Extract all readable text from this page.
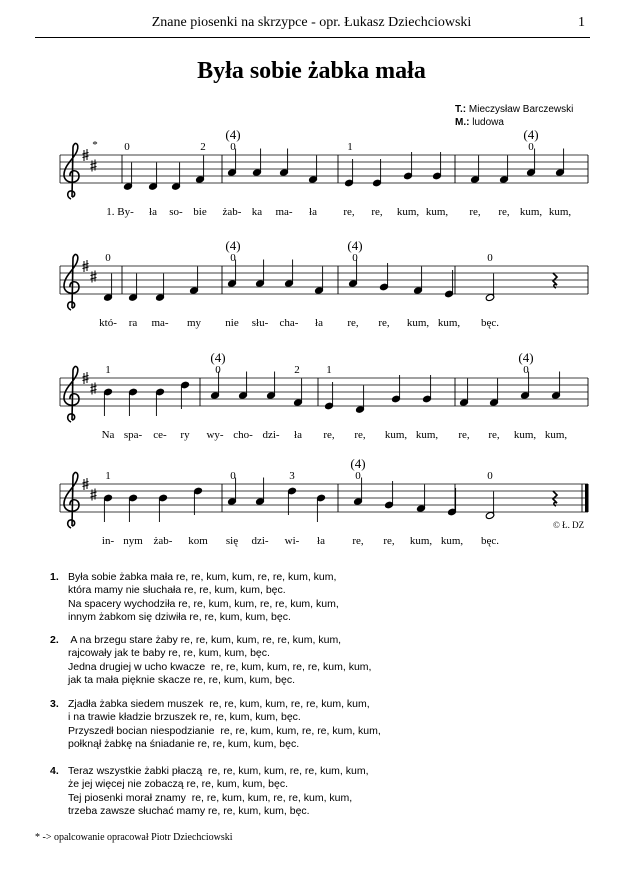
Znane piosenki na skrzypce - opr. Łukasz Dziechciowski	1
Była sobie żabka mała
T.: Mieczysław Barczewski
M.: ludowa
* 0	2
(4)
0	1
(4)
0
1. By- ła so- bie żab- ka ma- ła re, re, kum, kum, re, re, kum, kum,
0
(4)
0
(4)
0	0
któ- ra ma- my nie słu- cha- ła re, re, kum, kum, bęc.
1
(4)
0	2 1
(4)
0
Na spa- ce- ry wy- cho- dzi- ła re, re, kum, kum, re, re, kum, kum,
1	0	3
(4)
0	0
in- nym żab- kom się dzi- wi- ła re, re, kum, kum, bęc.
© Ł. DZ
1. Była sobie żabka mała re, re, kum, kum, re, re, kum, kum,
która mamy nie słuchała re, re, kum, kum, bęc.
Na spacery wychodziła re, re, kum, kum, re, re, kum, kum,
innym żabkom się dziwiła re, re, kum, kum, bęc.
2. A na brzegu stare żaby re, re, kum, kum, re, re, kum, kum,
rajcowały jak te baby re, re, kum, kum, bęc.
Jedna drugiej w ucho kwacze  re, re, kum, kum, re, re, kum, kum,
jak ta mała pięknie skacze re, re, kum, kum, bęc.
3. Zjadła żabka siedem muszek  re, re, kum, kum, re, re, kum, kum,
i na trawie kładzie brzuszek re, re, kum, kum, bęc.
Przyszedł bocian niespodzianie  re, re, kum, kum, re, re, kum, kum,
połknął żabkę na śniadanie re, re, kum, kum, bęc.
4. Teraz wszystkie żabki płaczą  re, re, kum, kum, re, re, kum, kum,
że jej więcej nie zobaczą re, re, kum, kum, bęc.
Tej piosenki morał znamy  re, re, kum, kum, re, re, kum, kum,
trzeba zawsze słuchać mamy re, re, kum, kum, bęc.
* -> opalcowanie opracował Piotr Dziechciowski
